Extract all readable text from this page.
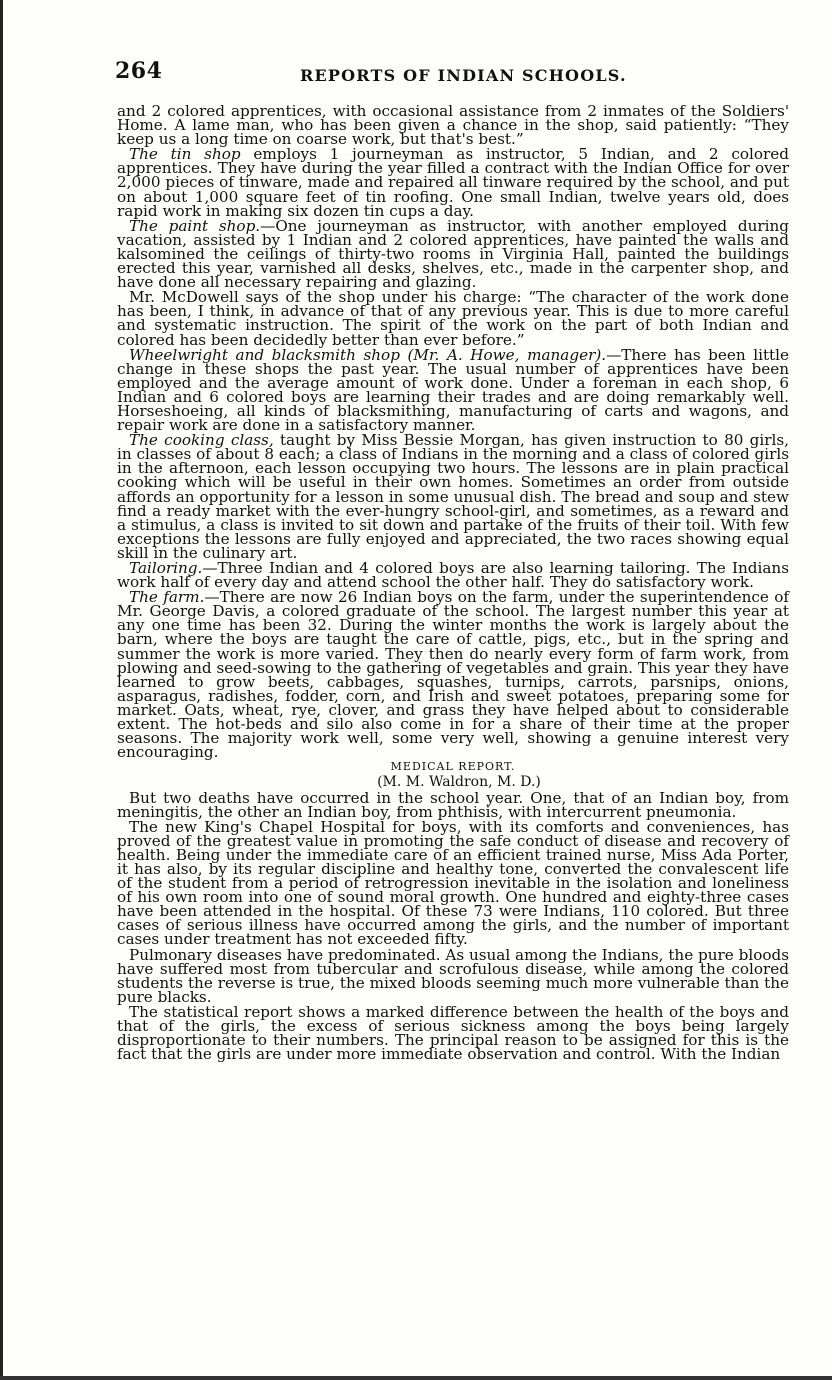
264	REPORTS OF INDIAN SCHOOLS.

and 2 colored apprentices, with occasional assistance from 2 inmates of the Soldiers' Home. A lame man, who has been given a chance in the shop, said patiently: “They keep us a long time on coarse work, but that's best.”

The tin shop employs 1 journeyman as instructor, 5 Indian, and 2 colored apprentices. They have during the year filled a contract with the Indian Office for over 2,000 pieces of tinware, made and repaired all tinware required by the school, and put on about 1,000 square feet of tin roofing. One small Indian, twelve years old, does rapid work in making six dozen tin cups a day.

The paint shop.—One journeyman as instructor, with another employed during vacation, assisted by 1 Indian and 2 colored apprentices, have painted the walls and kalsomined the ceilings of thirty-two rooms in Virginia Hall, painted the buildings erected this year, varnished all desks, shelves, etc., made in the carpenter shop, and have done all necessary repairing and glazing.

Mr. McDowell says of the shop under his charge: “The character of the work done has been, I think, in advance of that of any previous year. This is due to more careful and systematic instruction. The spirit of the work on the part of both Indian and colored has been decidedly better than ever before.”

Wheelwright and blacksmith shop (Mr. A. Howe, manager).—There has been little change in these shops the past year. The usual number of apprentices have been employed and the average amount of work done. Under a foreman in each shop, 6 Indian and 6 colored boys are learning their trades and are doing remarkably well. Horseshoeing, all kinds of blacksmithing, manufacturing of carts and wagons, and repair work are done in a satisfactory manner.

The cooking class, taught by Miss Bessie Morgan, has given instruction to 80 girls, in classes of about 8 each; a class of Indians in the morning and a class of colored girls in the afternoon, each lesson occupying two hours. The lessons are in plain practical cooking which will be useful in their own homes. Sometimes an order from outside affords an opportunity for a lesson in some unusual dish. The bread and soup and stew find a ready market with the ever-hungry school-girl, and sometimes, as a reward and a stimulus, a class is invited to sit down and partake of the fruits of their toil. With few exceptions the lessons are fully enjoyed and appreciated, the two races showing equal skill in the culinary art.

Tailoring.—Three Indian and 4 colored boys are also learning tailoring. The Indians work half of every day and attend school the other half. They do satisfactory work.

The farm.—There are now 26 Indian boys on the farm, under the superintendence of Mr. George Davis, a colored graduate of the school. The largest number this year at any one time has been 32. During the winter months the work is largely about the barn, where the boys are taught the care of cattle, pigs, etc., but in the spring and summer the work is more varied. They then do nearly every form of farm work, from plowing and seed-sowing to the gathering of vegetables and grain. This year they have learned to grow beets, cabbages, squashes, turnips, carrots, parsnips, onions, asparagus, radishes, fodder, corn, and Irish and sweet potatoes, preparing some for market. Oats, wheat, rye, clover, and grass they have helped about to considerable extent. The hot-beds and silo also come in for a share of their time at the proper seasons. The majority work well, some very well, showing a genuine interest very encouraging.

MEDICAL REPORT.

(M. M. Waldron, M. D.)

But two deaths have occurred in the school year. One, that of an Indian boy, from meningitis, the other an Indian boy, from phthisis, with intercurrent pneumonia.

The new King's Chapel Hospital for boys, with its comforts and conveniences, has proved of the greatest value in promoting the safe conduct of disease and recovery of health. Being under the immediate care of an efficient trained nurse, Miss Ada Porter, it has also, by its regular discipline and healthy tone, converted the convalescent life of the student from a period of retrogression inevitable in the isolation and loneliness of his own room into one of sound moral growth. One hundred and eighty-three cases have been attended in the hospital. Of these 73 were Indians, 110 colored. But three cases of serious illness have occurred among the girls, and the number of important cases under treatment has not exceeded fifty.

Pulmonary diseases have predominated. As usual among the Indians, the pure bloods have suffered most from tubercular and scrofulous disease, while among the colored students the reverse is true, the mixed bloods seeming much more vulnerable than the pure blacks.

The statistical report shows a marked difference between the health of the boys and that of the girls, the excess of serious sickness among the boys being largely disproportionate to their numbers. The principal reason to be assigned for this is the fact that the girls are under more immediate observation and control. With the Indian
